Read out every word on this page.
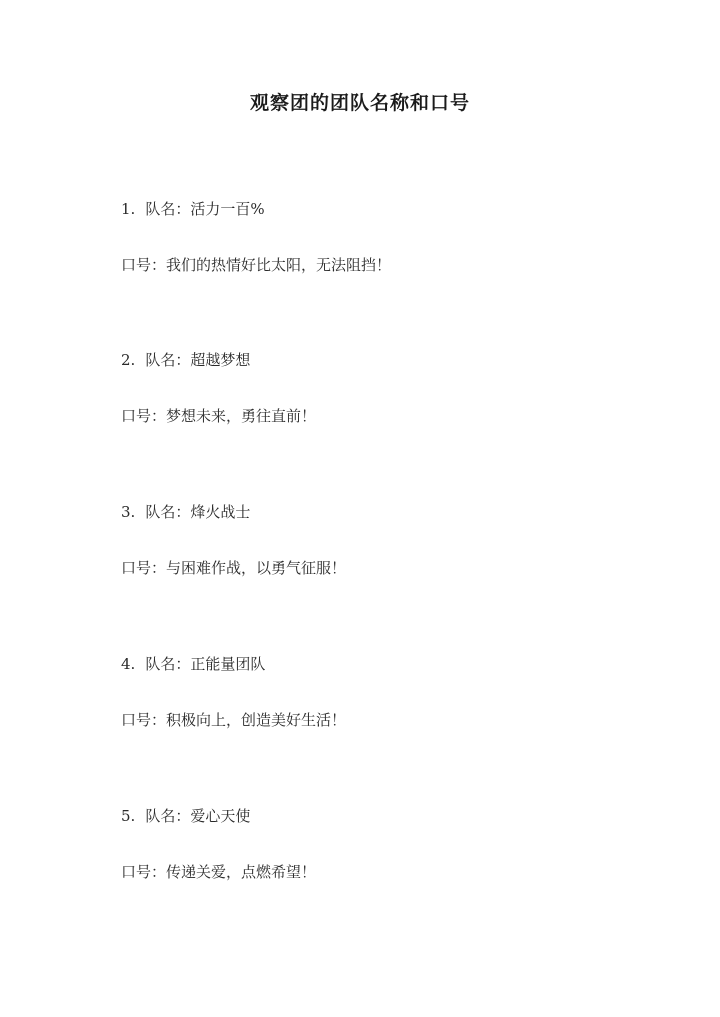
观察团的团队名称和口号
1. 队名：活力一百%
口号：我们的热情好比太阳，无法阻挡！
2. 队名：超越梦想
口号：梦想未来，勇往直前！
3. 队名：烽火战士
口号：与困难作战，以勇气征服！
4. 队名：正能量团队
口号：积极向上，创造美好生活！
5. 队名：爱心天使
口号：传递关爱，点燃希望！
